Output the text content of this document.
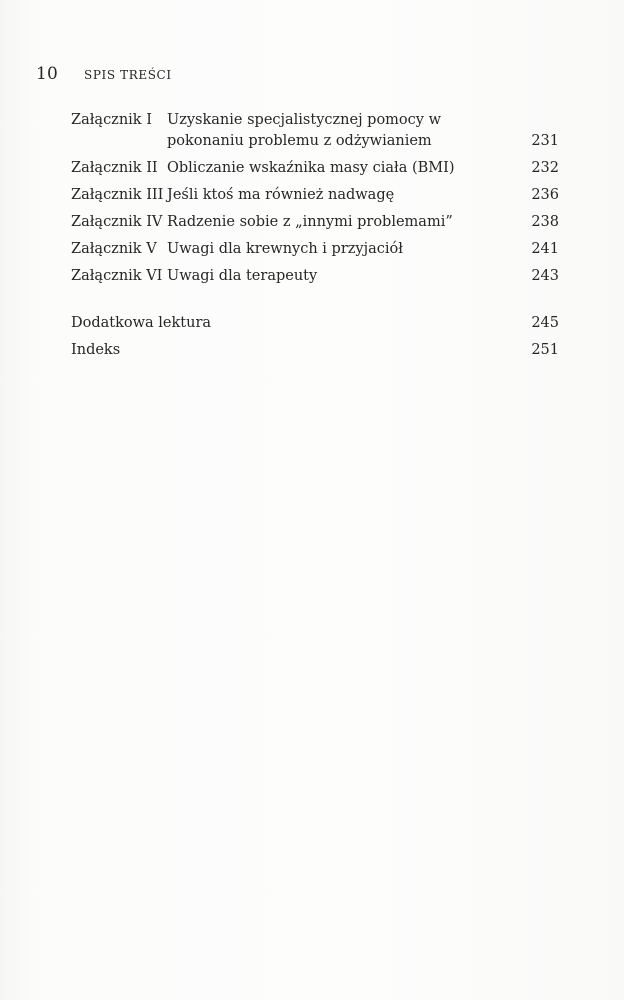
10 SPIS TREŚCI
Załącznik I	Uzyskanie specjalistycznej pomocy w pokonaniu problemu z odżywianiem	231
Załącznik II Obliczanie wskaźnika masy ciała (BMI)	232
Załącznik III Jeśli ktoś ma również nadwagę	236
Załącznik IV Radzenie sobie z „innymi problemami”	238
Załącznik V Uwagi dla krewnych i przyjaciół	241
Załącznik VI Uwagi dla terapeuty	243
Dodatkowa lektura	245
Indeks	251
